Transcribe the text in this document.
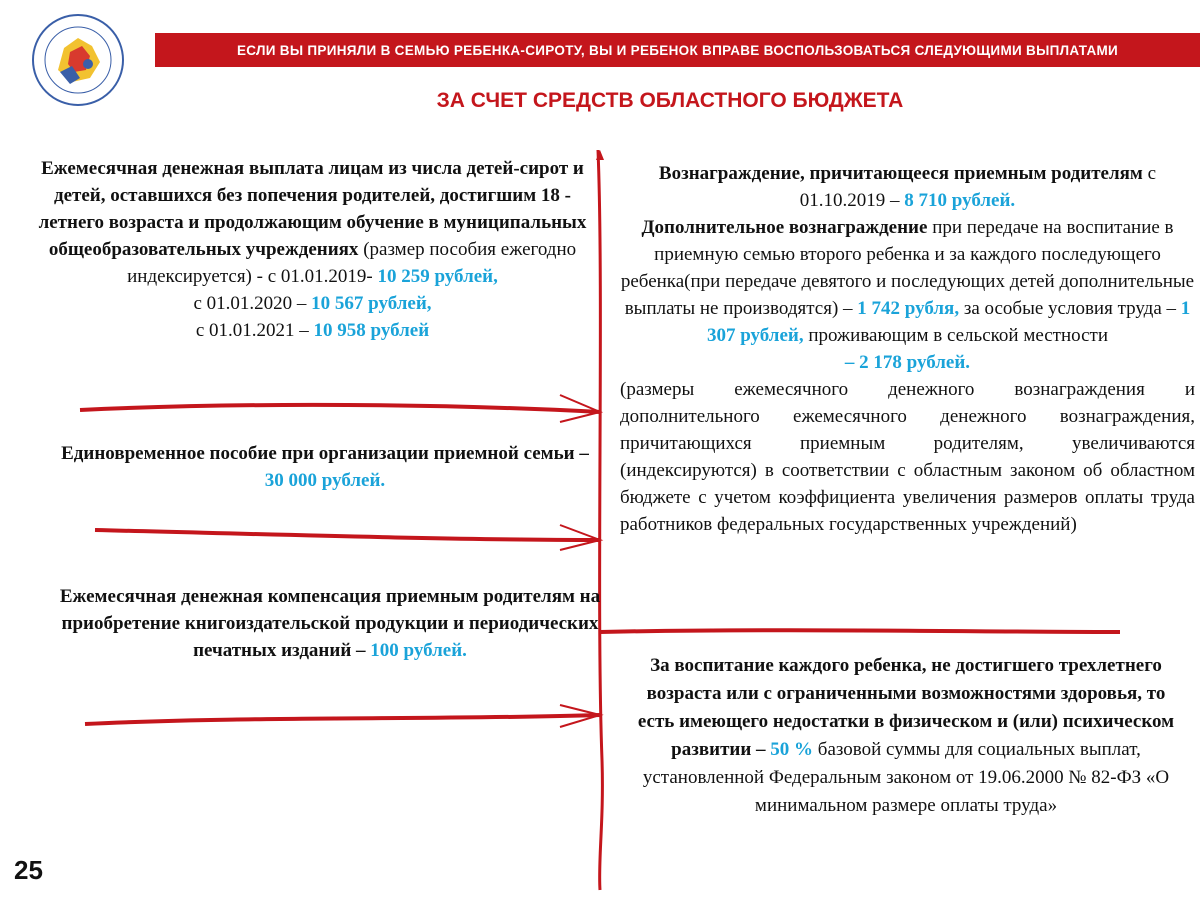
ЕСЛИ ВЫ ПРИНЯЛИ В СЕМЬЮ РЕБЕНКА-СИРОТУ, ВЫ И РЕБЕНОК ВПРАВЕ ВОСПОЛЬЗОВАТЬСЯ СЛЕДУЮЩИМИ ВЫПЛАТАМИ
ЗА СЧЕТ СРЕДСТВ ОБЛАСТНОГО БЮДЖЕТА
Ежемесячная денежная выплата лицам из числа детей-сирот и детей, оставшихся без попечения родителей, достигшим 18 - летнего возраста и продолжающим обучение в муниципальных общеобразовательных учреждениях (размер пособия ежегодно индексируется) - с 01.01.2019- 10 259 рублей,
с 01.01.2020 – 10 567 рублей,
с 01.01.2021 – 10 958 рублей
Единовременное пособие при организации приемной семьи – 30 000 рублей.
Ежемесячная денежная компенсация приемным родителям на приобретение книгоиздательской продукции и периодических печатных изданий – 100 рублей.
Вознаграждение, причитающееся приемным родителям с 01.10.2019 – 8 710 рублей.
Дополнительное вознаграждение при передаче на воспитание в приемную семью второго ребенка и за каждого последующего ребенка(при передаче девятого и последующих детей дополнительные выплаты не производятся) – 1 742 рубля, за особые условия труда – 1 307 рублей, проживающим в сельской местности
– 2 178 рублей.
(размеры ежемесячного денежного вознаграждения и дополнительного ежемесячного денежного вознаграждения, причитающихся приемным родителям, увеличиваются (индексируются) в соответствии с областным законом об областном бюджете с учетом коэффициента увеличения размеров оплаты труда работников федеральных государственных учреждений)
За воспитание каждого ребенка, не достигшего трехлетнего возраста или с ограниченными возможностями здоровья, то есть имеющего недостатки в физическом и (или) психическом развитии – 50 % базовой суммы для социальных выплат, установленной Федеральным законом от 19.06.2000 № 82-ФЗ «О минимальном размере оплаты труда»
25
